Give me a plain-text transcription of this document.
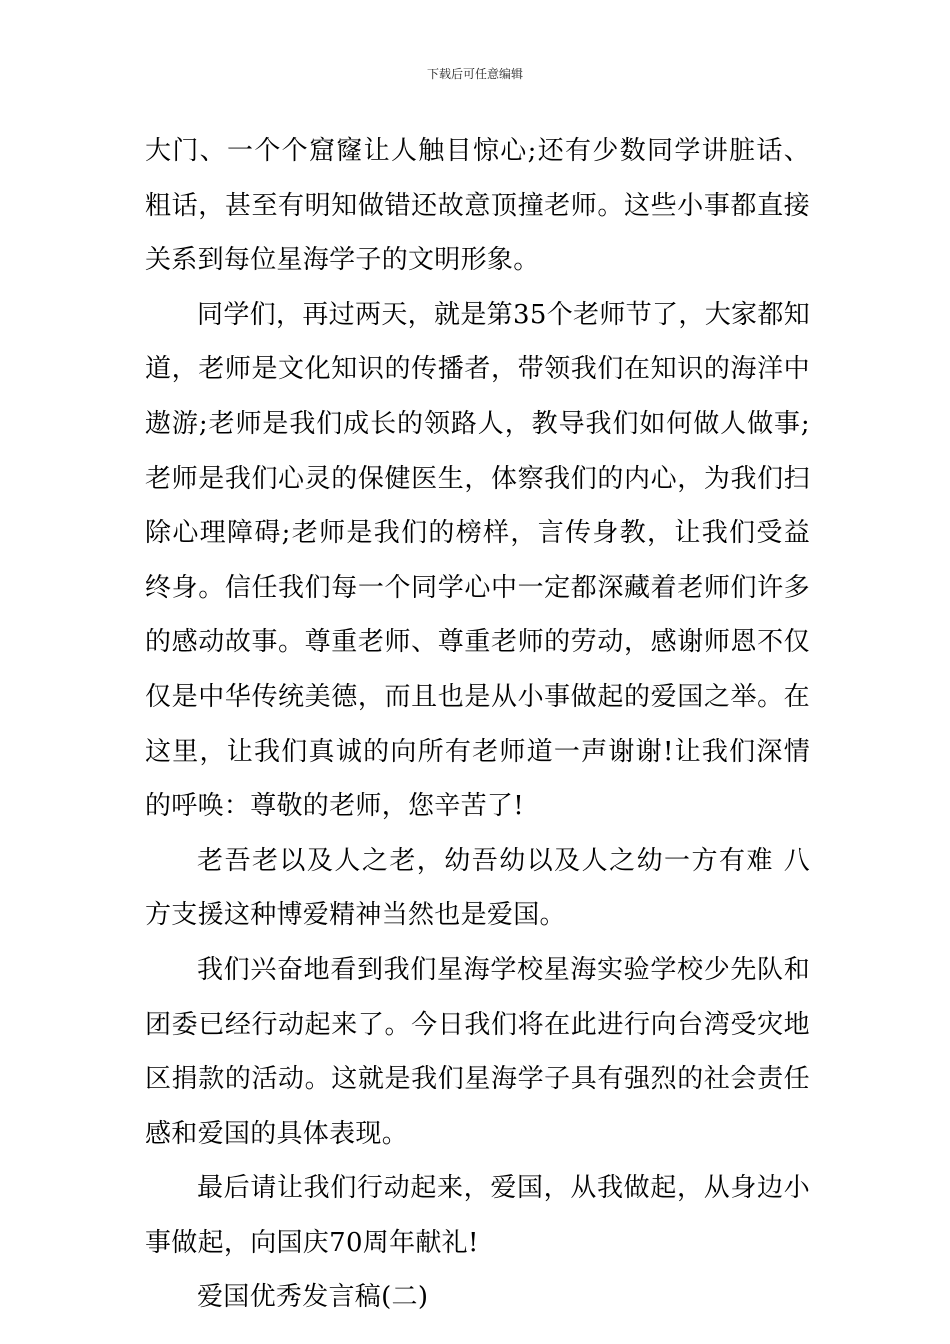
下载后可任意编辑

大门、一个个窟窿让人触目惊心;还有少数同学讲脏话、粗话，甚至有明知做错还故意顶撞老师。这些小事都直接关系到每位星海学子的文明形象。

同学们，再过两天，就是第35个老师节了，大家都知道，老师是文化知识的传播者，带领我们在知识的海洋中遨游;老师是我们成长的领路人，教导我们如何做人做事;老师是我们心灵的保健医生，体察我们的内心，为我们扫除心理障碍;老师是我们的榜样，言传身教，让我们受益终身。信任我们每一个同学心中一定都深藏着老师们许多的感动故事。尊重老师、尊重老师的劳动，感谢师恩不仅仅是中华传统美德，而且也是从小事做起的爱国之举。在这里，让我们真诚的向所有老师道一声谢谢!让我们深情的呼唤：尊敬的老师，您辛苦了!

老吾老以及人之老，幼吾幼以及人之幼一方有难 八方支援这种博爱精神当然也是爱国。

我们兴奋地看到我们星海学校星海实验学校少先队和团委已经行动起来了。今日我们将在此进行向台湾受灾地区捐款的活动。这就是我们星海学子具有强烈的社会责任感和爱国的具体表现。

最后请让我们行动起来，爱国，从我做起，从身边小事做起，向国庆70周年献礼!

爱国优秀发言稿(二)
